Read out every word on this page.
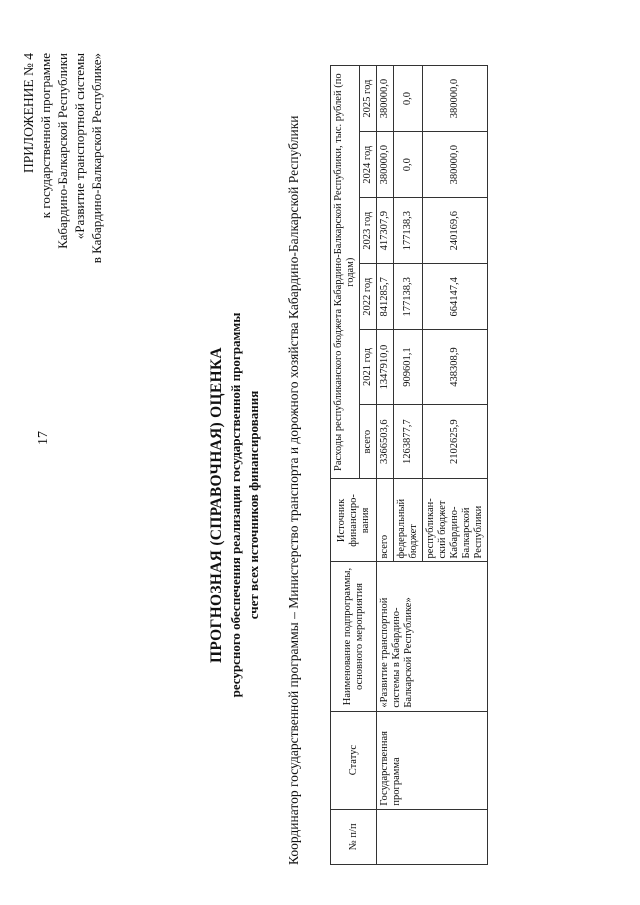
17
ПРИЛОЖЕНИЕ № 4 к государственной программе Кабардино-Балкарской Республики «Развитие транспортной системы в Кабардино-Балкарской Республике»
ПРОГНОЗНАЯ (СПРАВОЧНАЯ) ОЦЕНКА ресурсного обеспечения реализации государственной программы счет всех источников финансирования Координатор государственной программы – Министерство транспорта и дорожного хозяйства Кабардино-Балкарской Республики	№ п/п	Статус	Наименование подпрограммы, основного мероприятия	Источник финансиро-вания	Расходы республиканского бюджета Кабардино-Балкарской Республики, тыс. рублей (по годам)					
				всего	2021 год	2022 год	2023 год	2024 год	2025 год
	Государственная программа	«Развитие транспортной системы в Кабардино-Балкарской Республике»	всего	3366503,6	1347910,0	841285,7	417307,9	380000,0	380000,0
			федеральный бюджет	1263877,7	909601,1	177138,3	177138,3	0,0	0,0
			республикан-ский бюджет Кабардино-Балкарской Республики	2102625,9	438308,9	664147,4	240169,6	380000,0	380000,0
